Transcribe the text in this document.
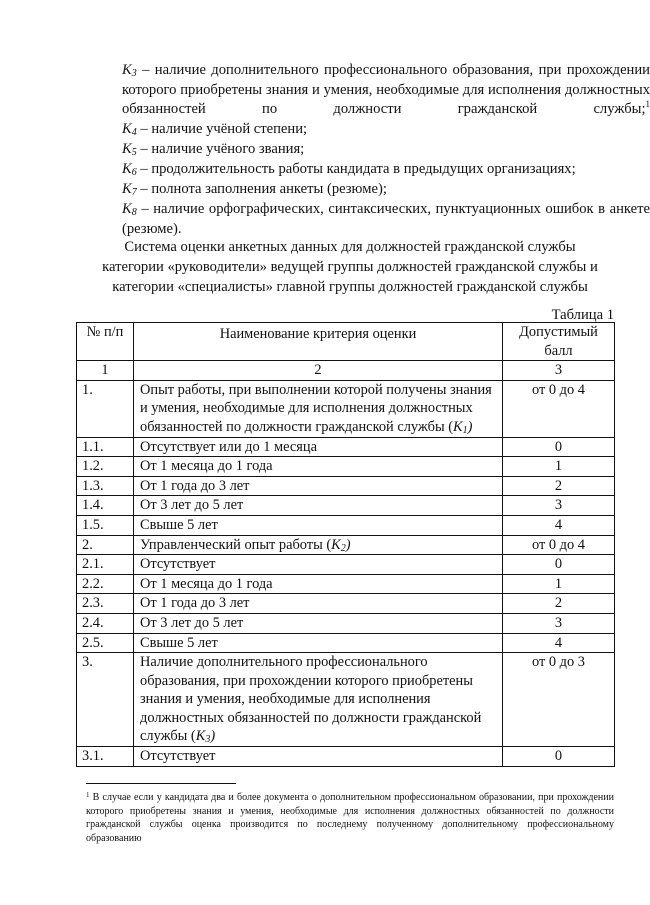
$K_3$ – наличие дополнительного профессионального образования, при прохождении которого приобретены знания и умения, необходимые для исполнения должностных обязанностей по должности гражданской службы;$^1$
$K_4$ – наличие учёной степени;
$K_5$ – наличие учёного звания;
$K_6$ – продолжительность работы кандидата в предыдущих организациях;
$K_7$ – полнота заполнения анкеты (резюме);
$K_8$ – наличие орфографических, синтаксических, пунктуационных ошибок в анкете (резюме).
Система оценки анкетных данных для должностей гражданской службы
категории «руководители» ведущей группы должностей гражданской службы и
категории «специалисты» главной группы должностей гражданской службы
Таблица 1
№ п/п	Наименование критерия оценки	Допустимый балл
1	2	3
1.	Опыт работы, при выполнении которой получены знания и умения, необходимые для исполнения должностных обязанностей по должности гражданской службы $(K_1)$	от 0 до 4
1.1.	Отсутствует или до 1 месяца	0
1.2.	От 1 месяца до 1 года	1
1.3.	От 1 года до 3 лет	2
1.4.	От 3 лет до 5 лет	3
1.5.	Свыше 5 лет	4
2.	Управленческий опыт работы $(K_2)$	от 0 до 4
2.1.	Отсутствует	0
2.2.	От 1 месяца до 1 года	1
2.3.	От 1 года до 3 лет	2
2.4.	От 3 лет до 5 лет	3
2.5.	Свыше 5 лет	4
3.	Наличие дополнительного профессионального образования, при прохождении которого приобретены знания и умения, необходимые для исполнения должностных обязанностей по должности гражданской службы $(K_3)$	от 0 до 3
3.1.	Отсутствует	0
$^1$ В случае если у кандидата два и более документа о дополнительном профессиональном образовании, при прохождении которого приобретены знания и умения, необходимые для исполнения должностных обязанностей по должности гражданской службы оценка производится по последнему полученному дополнительному профессиональному образованию
